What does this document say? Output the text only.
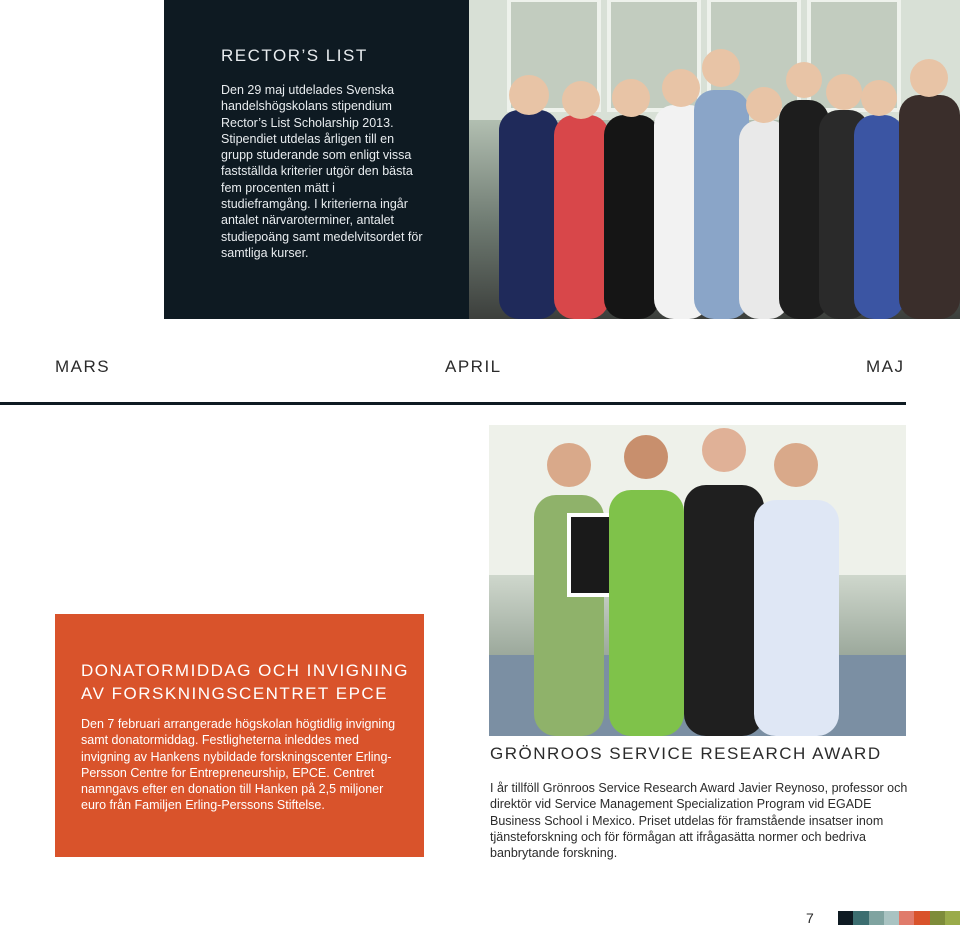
RECTOR’S LIST

Den 29 maj utdelades Svenska handelshögskolans stipendium Rector’s List Scholarship 2013. Stipendiet utdelas årligen till en grupp studerande som enligt vissa fastställda kriterier utgör den bästa fem procenten mätt i studieframgång. I kriterierna ingår antalet närvaroterminer, antalet studiepoäng samt medelvitsordet för samtliga kurser.

MARS	APRIL	MAJ
DONATORMIDDAG OCH INVIGNING AV FORSKNINGSCENTRET EPCE

Den 7 februari arrangerade högskolan högtidlig invigning samt donatormiddag. Festligheterna inleddes med invigning av Hankens nybildade forskningscenter Erling-Persson Centre for Entrepreneurship, EPCE. Centret namngavs efter en donation till Hanken på 2,5 miljoner euro från Familjen Erling-Perssons Stiftelse.

GRÖNROOS SERVICE RESEARCH AWARD

I år tillföll Grönroos Service Research Award Javier Reynoso, professor och direktör vid Service Management Specialization Program vid EGADE Business School i Mexico. Priset utdelas för framstående insatser inom tjänsteforskning och för förmågan att ifrågasätta normer och bedriva banbrytande forskning.

7
